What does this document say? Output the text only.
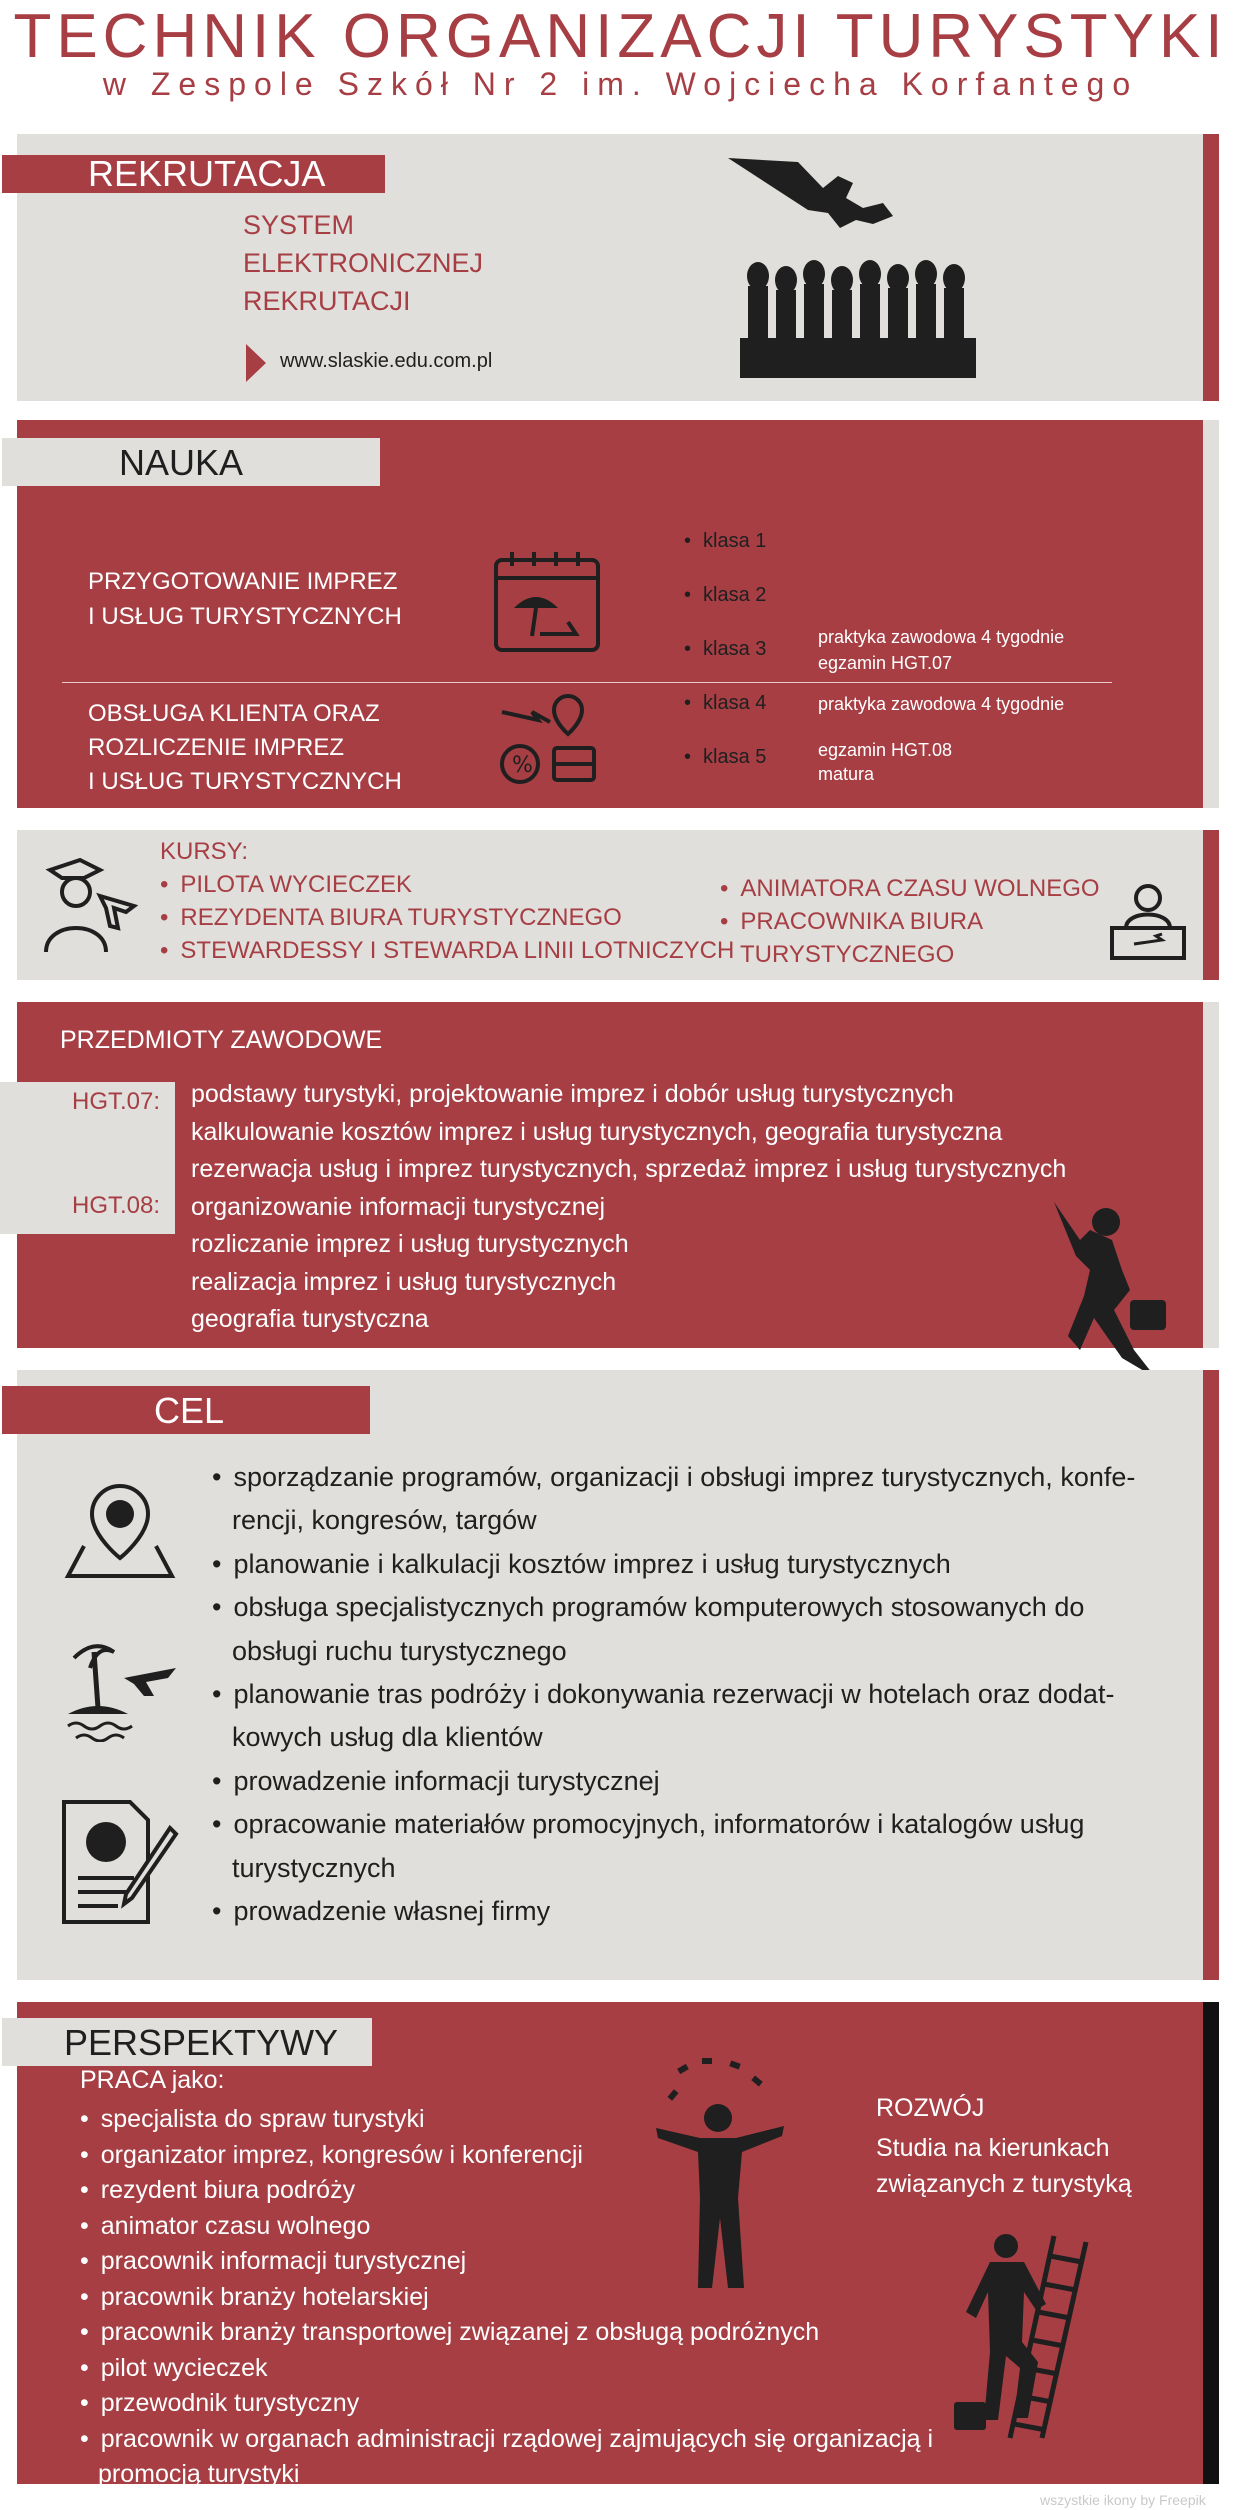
TECHNIK ORGANIZACJI TURYSTYKI
w Zespole Szkół Nr 2 im. Wojciecha Korfantego
REKRUTACJA
SYSTEM
ELEKTRONICZNEJ
REKRUTACJI
www.slaskie.edu.com.pl
NAUKA
PRZYGOTOWANIE IMPREZ
I USŁUG TURYSTYCZNYCH
OBSŁUGA KLIENTA ORAZ
ROZLICZENIE IMPREZ
I USŁUG TURYSTYCZNYCH
%
• klasa 1
• klasa 2
• klasa 3
• klasa 4
• klasa 5
praktyka zawodowa 4 tygodnie
egzamin HGT.07
praktyka zawodowa 4 tygodnie
egzamin HGT.08
matura
KURSY:
• PILOTA WYCIECZEK
• REZYDENTA BIURA TURYSTYCZNEGO
• STEWARDESSY I STEWARDA LINII LOTNICZYCH
• ANIMATORA CZASU WOLNEGO
• PRACOWNIKA BIURA
TURYSTYCZNEGO
PRZEDMIOTY ZAWODOWE
HGT.07:
HGT.08:
podstawy turystyki, projektowanie imprez i dobór usług turystycznych
kalkulowanie kosztów imprez i usług turystycznych, geografia turystyczna
rezerwacja usług i imprez turystycznych, sprzedaż imprez i usług turystycznych
organizowanie informacji turystycznej
rozliczanie imprez i usług turystycznych
realizacja imprez i usług turystycznych
geografia turystyczna
CEL
• sporządzanie programów, organizacji i obsługi imprez turystycznych, konfe-
rencji, kongresów, targów
• planowanie i kalkulacji kosztów imprez i usług turystycznych
• obsługa specjalistycznych programów komputerowych stosowanych do
obsługi ruchu turystycznego
• planowanie tras podróży i dokonywania rezerwacji w hotelach oraz dodat-
kowych usług dla klientów
• prowadzenie informacji turystycznej
• opracowanie materiałów promocyjnych, informatorów i katalogów usług
turystycznych
• prowadzenie własnej firmy
PERSPEKTYWY
PRACA jako:
• specjalista do spraw turystyki
• organizator imprez, kongresów i konferencji
• rezydent biura podróży
• animator czasu wolnego
• pracownik informacji turystycznej
• pracownik branży hotelarskiej
• pracownik branży transportowej związanej z obsługą podróżnych
• pilot wycieczek
• przewodnik turystyczny
• pracownik w organach administracji rządowej zajmujących się organizacją i
promocją turystyki
ROZWÓJ
Studia na kierunkach
związanych z turystyką
wszystkie ikony by Freepik
